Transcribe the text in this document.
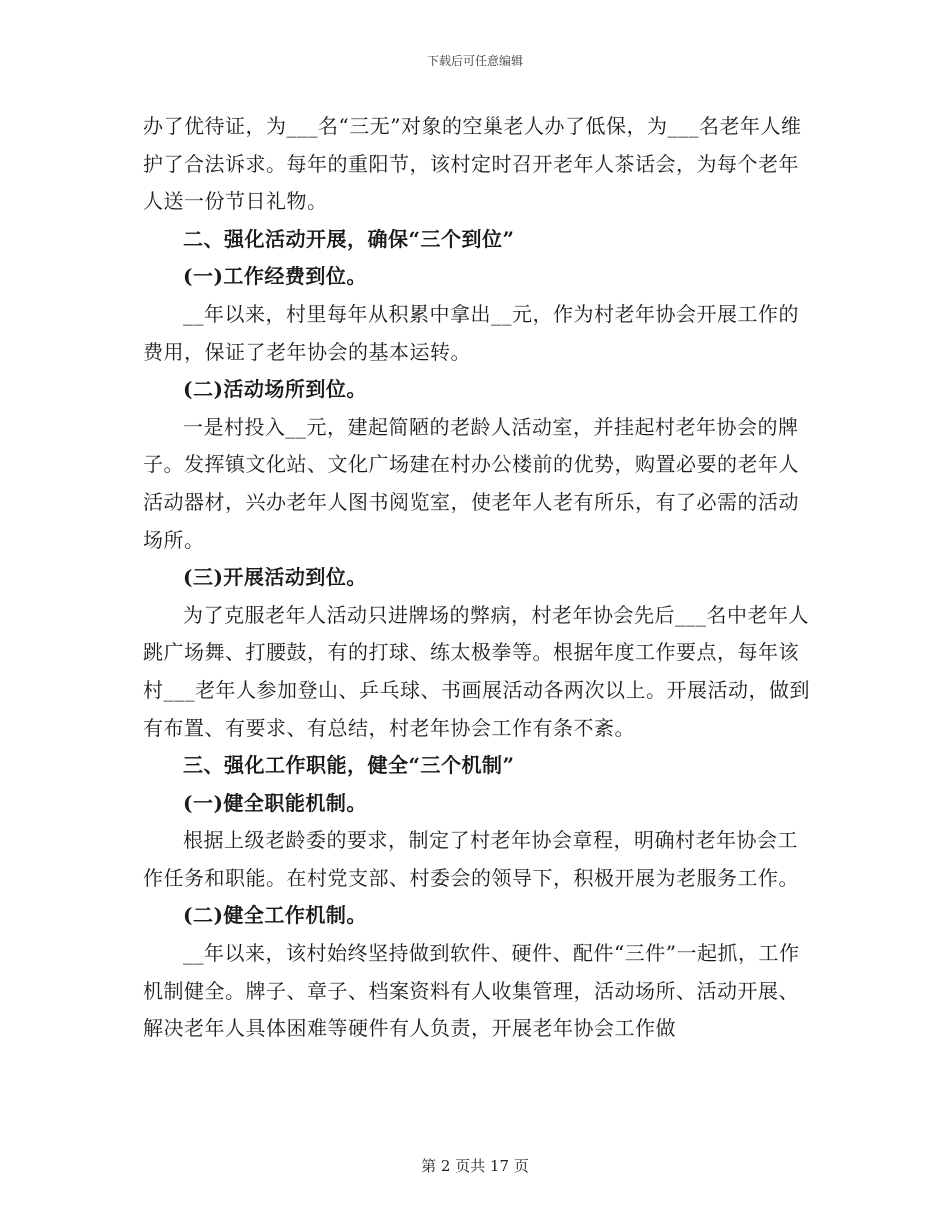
下载后可任意编辑

办了优待证，为___名“三无”对象的空巢老人办了低保，为___名老年人维护了合法诉求。每年的重阳节，该村定时召开老年人茶话会，为每个老年人送一份节日礼物。

二、强化活动开展，确保“三个到位”

(一)工作经费到位。

__年以来，村里每年从积累中拿出__元，作为村老年协会开展工作的费用，保证了老年协会的基本运转。

(二)活动场所到位。

一是村投入__元，建起简陋的老龄人活动室，并挂起村老年协会的牌子。发挥镇文化站、文化广场建在村办公楼前的优势，购置必要的老年人活动器材，兴办老年人图书阅览室，使老年人老有所乐，有了必需的活动场所。

(三)开展活动到位。

为了克服老年人活动只进牌场的弊病，村老年协会先后___名中老年人跳广场舞、打腰鼓，有的打球、练太极拳等。根据年度工作要点，每年该村___老年人参加登山、乒乓球、书画展活动各两次以上。开展活动，做到有布置、有要求、有总结，村老年协会工作有条不紊。

三、强化工作职能，健全“三个机制”

(一)健全职能机制。

根据上级老龄委的要求，制定了村老年协会章程，明确村老年协会工作任务和职能。在村党支部、村委会的领导下，积极开展为老服务工作。

(二)健全工作机制。

__年以来，该村始终坚持做到软件、硬件、配件“三件”一起抓，工作机制健全。牌子、章子、档案资料有人收集管理，活动场所、活动开展、解决老年人具体困难等硬件有人负责，开展老年协会工作做

第 2 页共 17 页
